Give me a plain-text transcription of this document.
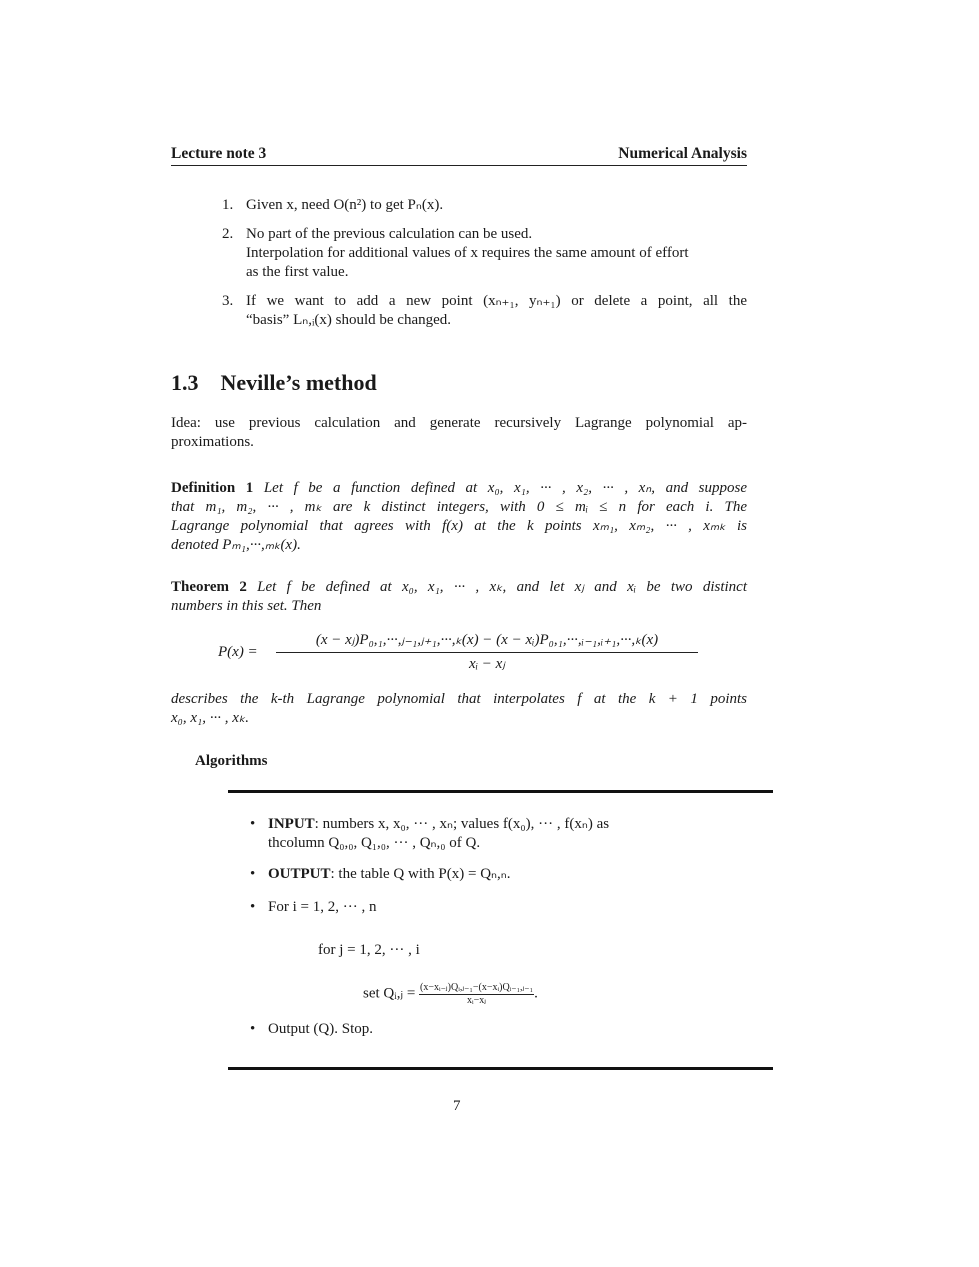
Lecture note 3	Numerical Analysis
1. Given x, need O(n²) to get Pₙ(x).
2. No part of the previous calculation can be used.
Interpolation for additional values of x requires the same amount of effort
as the first value.
3. If we want to add a new point (xₙ₊₁, yₙ₊₁) or delete a point, all the
“basis” Lₙ,ᵢ(x) should be changed.
1.3 Neville’s method
Idea: use previous calculation and generate recursively Lagrange polynomial ap-
proximations.
Definition 1 Let f be a function defined at x₀, x₁, ··· , x₂, ··· , xₙ, and suppose
that m₁, m₂, ··· , mₖ are k distinct integers, with 0 ≤ mᵢ ≤ n for each i. The
Lagrange polynomial that agrees with f(x) at the k points xₘ₁, xₘ₂, ··· , xₘₖ is
denoted Pₘ₁,···,ₘₖ(x).
Theorem 2 Let f be defined at x₀, x₁, ··· , xₖ, and let xⱼ and xᵢ be two distinct
numbers in this set. Then
P(x) =
(x − xⱼ)P₀,₁,···,ⱼ₋₁,ⱼ₊₁,···,ₖ(x) − (x − xᵢ)P₀,₁,···,ᵢ₋₁,ᵢ₊₁,···,ₖ(x)
xᵢ − xⱼ
describes the k-th Lagrange polynomial that interpolates f at the k + 1 points
x₀, x₁, ··· , xₖ.
Algorithms
• INPUT: numbers x, x₀, ··· , xₙ; values f(x₀), ··· , f(xₙ) as
thcolumn Q₀,₀, Q₁,₀, ··· , Qₙ,₀ of Q.
• OUTPUT: the table Q with P(x) = Qₙ,ₙ.
• For i = 1, 2, ··· , n
for j = 1, 2, ··· , i
set Qᵢ,ⱼ = $\frac{\text{(x−xᵢ₋ⱼ)Qᵢ,ⱼ₋₁−(x−xᵢ)Qᵢ₋₁,ⱼ₋₁}}{\text{xᵢ−xⱼ}}$ .
• Output (Q). Stop.
7
